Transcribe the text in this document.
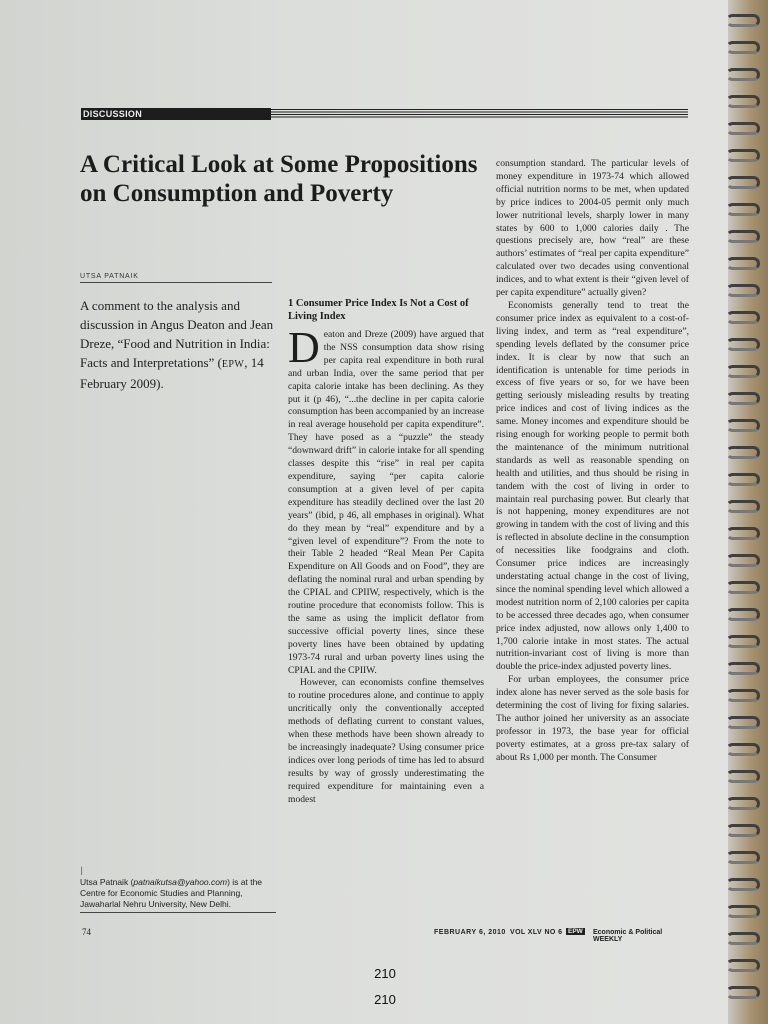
DISCUSSION
A Critical Look at Some Propositions on Consumption and Poverty
UTSA PATNAIK
A comment to the analysis and discussion in Angus Deaton and Jean Dreze, “Food and Nutrition in India: Facts and Interpretations” (EPW, 14 February 2009).
│
Utsa Patnaik (patnaikutsa@yahoo.com) is at the Centre for Economic Studies and Planning, Jawaharlal Nehru University, New Delhi.
1 Consumer Price Index Is Not a Cost of Living Index

Deaton and Dreze (2009) have argued that the NSS consumption data show rising per capita real expenditure in both rural and urban India, over the same period that per capita calorie intake has been declining. As they put it (p 46), “...the decline in per capita calorie consumption has been accompanied by an increase in real average household per capita expenditure”. They have posed as a “puzzle” the steady “downward drift” in calorie intake for all spending classes despite this “rise” in real per capita expenditure, saying “per capita calorie consumption at a given level of per capita expenditure has steadily declined over the last 20 years” (ibid, p 46, all emphases in original). What do they mean by “real” expenditure and by a “given level of expenditure”? From the note to their Table 2 headed “Real Mean Per Capita Expenditure on All Goods and on Food”, they are deflating the nominal rural and urban spending by the CPIAL and CPIIW, respectively, which is the routine procedure that economists follow. This is the same as using the implicit deflator from successive official poverty lines, since these poverty lines have been obtained by updating 1973-74 rural and urban poverty lines using the CPIAL and the CPIIW.

However, can economists confine themselves to routine procedures alone, and continue to apply uncritically only the conventionally accepted methods of deflating current to constant values, when these methods have been shown already to be increasingly inadequate? Using consumer price indices over long periods of time has led to absurd results by way of grossly underestimating the required expenditure for maintaining even a modest

consumption standard. The particular levels of money expenditure in 1973-74 which allowed official nutrition norms to be met, when updated by price indices to 2004-05 permit only much lower nutritional levels, sharply lower in many states by 600 to 1,000 calories daily . The questions precisely are, how “real” are these authors’ estimates of “real per capita expenditure” calculated over two decades using conventional indices, and to what extent is their “given level of per capita expenditure” actually given?

Economists generally tend to treat the consumer price index as equivalent to a cost-of-living index, and term as “real expenditure”, spending levels deflated by the consumer price index. It is clear by now that such an identification is untenable for time periods in excess of five years or so, for we have been getting seriously misleading results by treating price indices and cost of living indices as the same. Money incomes and expenditure should be rising enough for working people to permit both the maintenance of the minimum nutritional standards as well as reasonable spending on health and utilities, and thus should be rising in tandem with the cost of living in order to maintain real purchasing power. But clearly that is not happening, money expenditures are not growing in tandem with the cost of living and this is reflected in absolute decline in the consumption of necessities like foodgrains and cloth. Consumer price indices are increasingly understating actual change in the cost of living, since the nominal spending level which allowed a modest nutrition norm of 2,100 calories per capita to be accessed three decades ago, when consumer price index adjusted, now allows only 1,400 to 1,700 calorie intake in most states. The actual nutrition-invariant cost of living is more than double the price-index adjusted poverty lines.

For urban employees, the consumer price index alone has never served as the sole basis for determining the cost of living for fixing salaries. The author joined her university as an associate professor in 1973, the base year for official poverty estimates, at a gross pre-tax salary of about Rs 1,000 per month. The Consumer

74	FEBRUARY 6, 2010 VOL XLV NO 6 EPW Economic & Political WEEKLY
210
210
